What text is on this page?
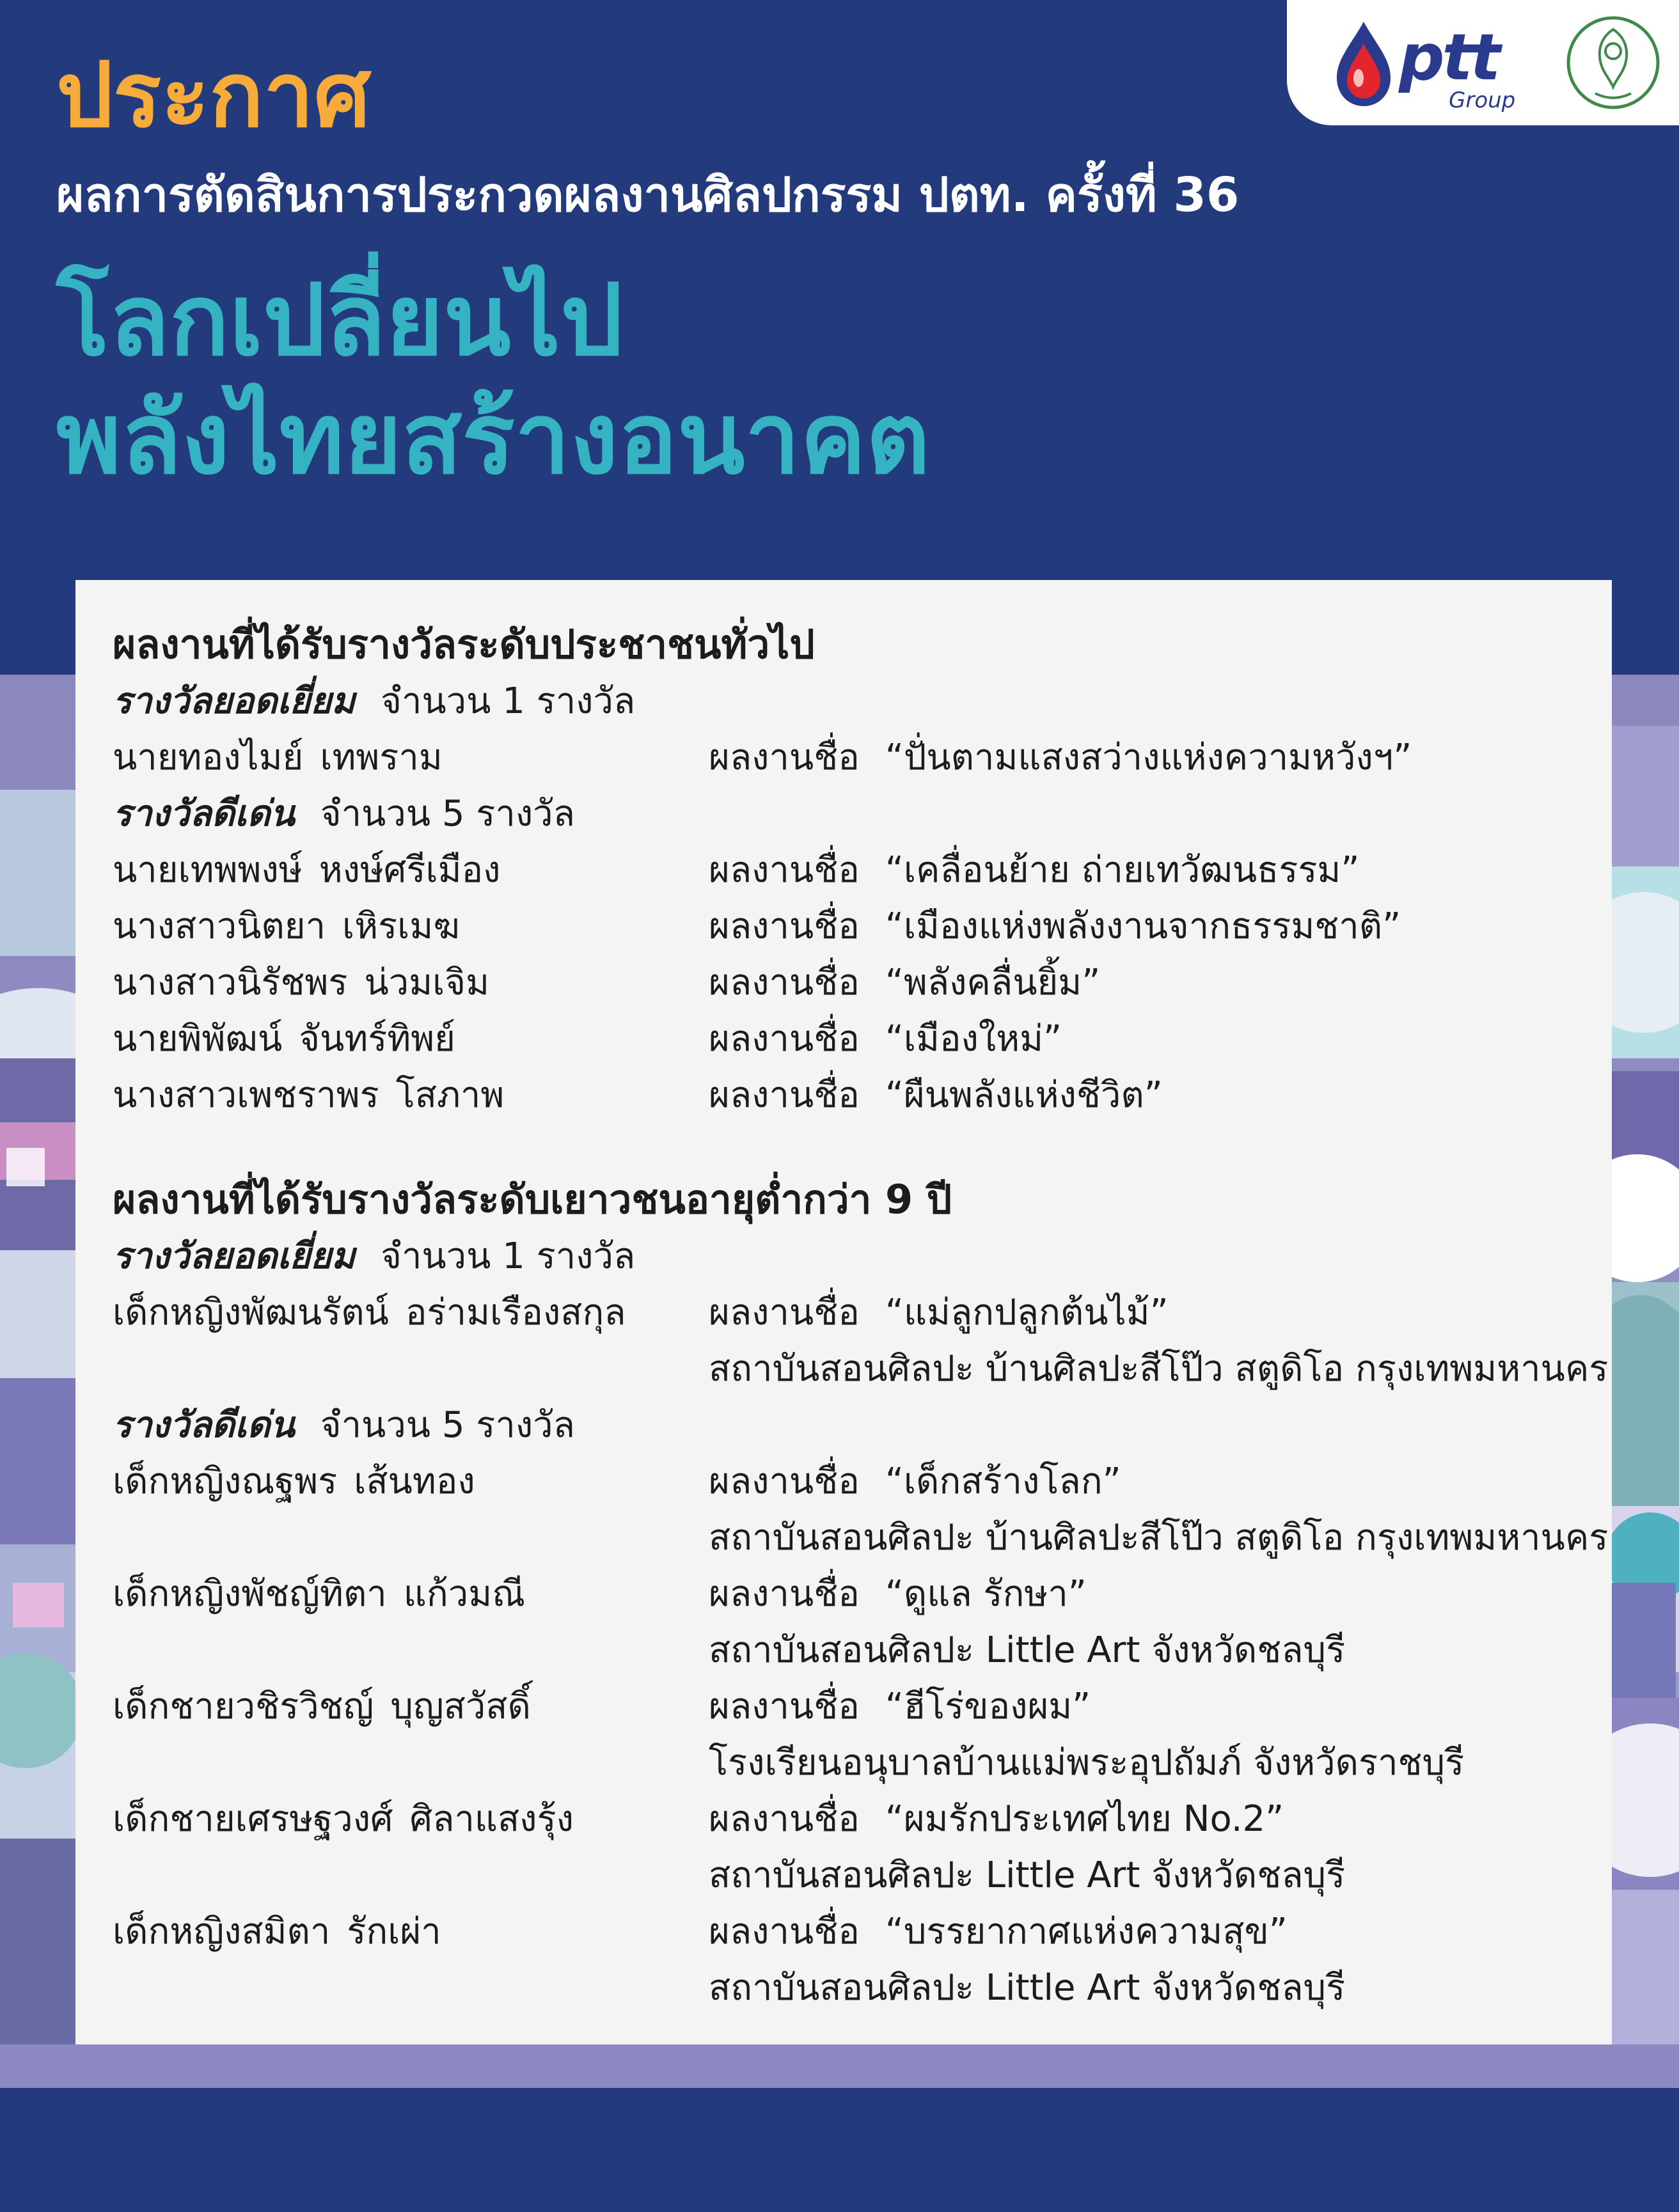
ptt
Group
ประกาศ
ผลการตัดสินการประกวดผลงานศิลปกรรม ปตท. ครั้งที่ 36
โลกเปลี่ยนไป
พลังไทยสร้างอนาคต
ผลงานที่ได้รับรางวัลระดับประชาชนทั่วไป
รางวัลยอดเยี่ยม จำนวน 1 รางวัล
นายทองไมย์ เทพราม	ผลงานชื่อ “ปั่นตามแสงสว่างแห่งความหวังฯ”
รางวัลดีเด่น จำนวน 5 รางวัล
นายเทพพงษ์ หงษ์ศรีเมือง	ผลงานชื่อ “เคลื่อนย้าย ถ่ายเทวัฒนธรรม”
นางสาวนิตยา เหิรเมฆ	ผลงานชื่อ “เมืองแห่งพลังงานจากธรรมชาติ”
นางสาวนิรัชพร น่วมเจิม	ผลงานชื่อ “พลังคลื่นยิ้ม”
นายพิพัฒน์ จันทร์ทิพย์	ผลงานชื่อ “เมืองใหม่”
นางสาวเพชราพร โสภาพ	ผลงานชื่อ “ผืนพลังแห่งชีวิต”
ผลงานที่ได้รับรางวัลระดับเยาวชนอายุต่ำกว่า 9 ปี
รางวัลยอดเยี่ยม จำนวน 1 รางวัล
เด็กหญิงพัฒนรัตน์ อร่ามเรืองสกุล ผลงานชื่อ “แม่ลูกปลูกต้นไม้”
สถาบันสอนศิลปะ บ้านศิลปะสีโป๊ว สตูดิโอ กรุงเทพมหานคร
รางวัลดีเด่น จำนวน 5 รางวัล
เด็กหญิงณฐพร เส้นทอง	ผลงานชื่อ “เด็กสร้างโลก”
สถาบันสอนศิลปะ บ้านศิลปะสีโป๊ว สตูดิโอ กรุงเทพมหานคร
เด็กหญิงพัชญ์ทิตา แก้วมณี	ผลงานชื่อ “ดูแล รักษา”
สถาบันสอนศิลปะ Little Art จังหวัดชลบุรี
เด็กชายวชิรวิชญ์ บุญสวัสดิ์	ผลงานชื่อ “ฮีโร่ของผม”
โรงเรียนอนุบาลบ้านแม่พระอุปถัมภ์ จังหวัดราชบุรี
เด็กชายเศรษฐวงศ์ ศิลาแสงรุ้ง	ผลงานชื่อ “ผมรักประเทศไทย No.2”
สถาบันสอนศิลปะ Little Art จังหวัดชลบุรี
เด็กหญิงสมิตา รักเผ่า	ผลงานชื่อ “บรรยากาศแห่งความสุข”
สถาบันสอนศิลปะ Little Art จังหวัดชลบุรี
